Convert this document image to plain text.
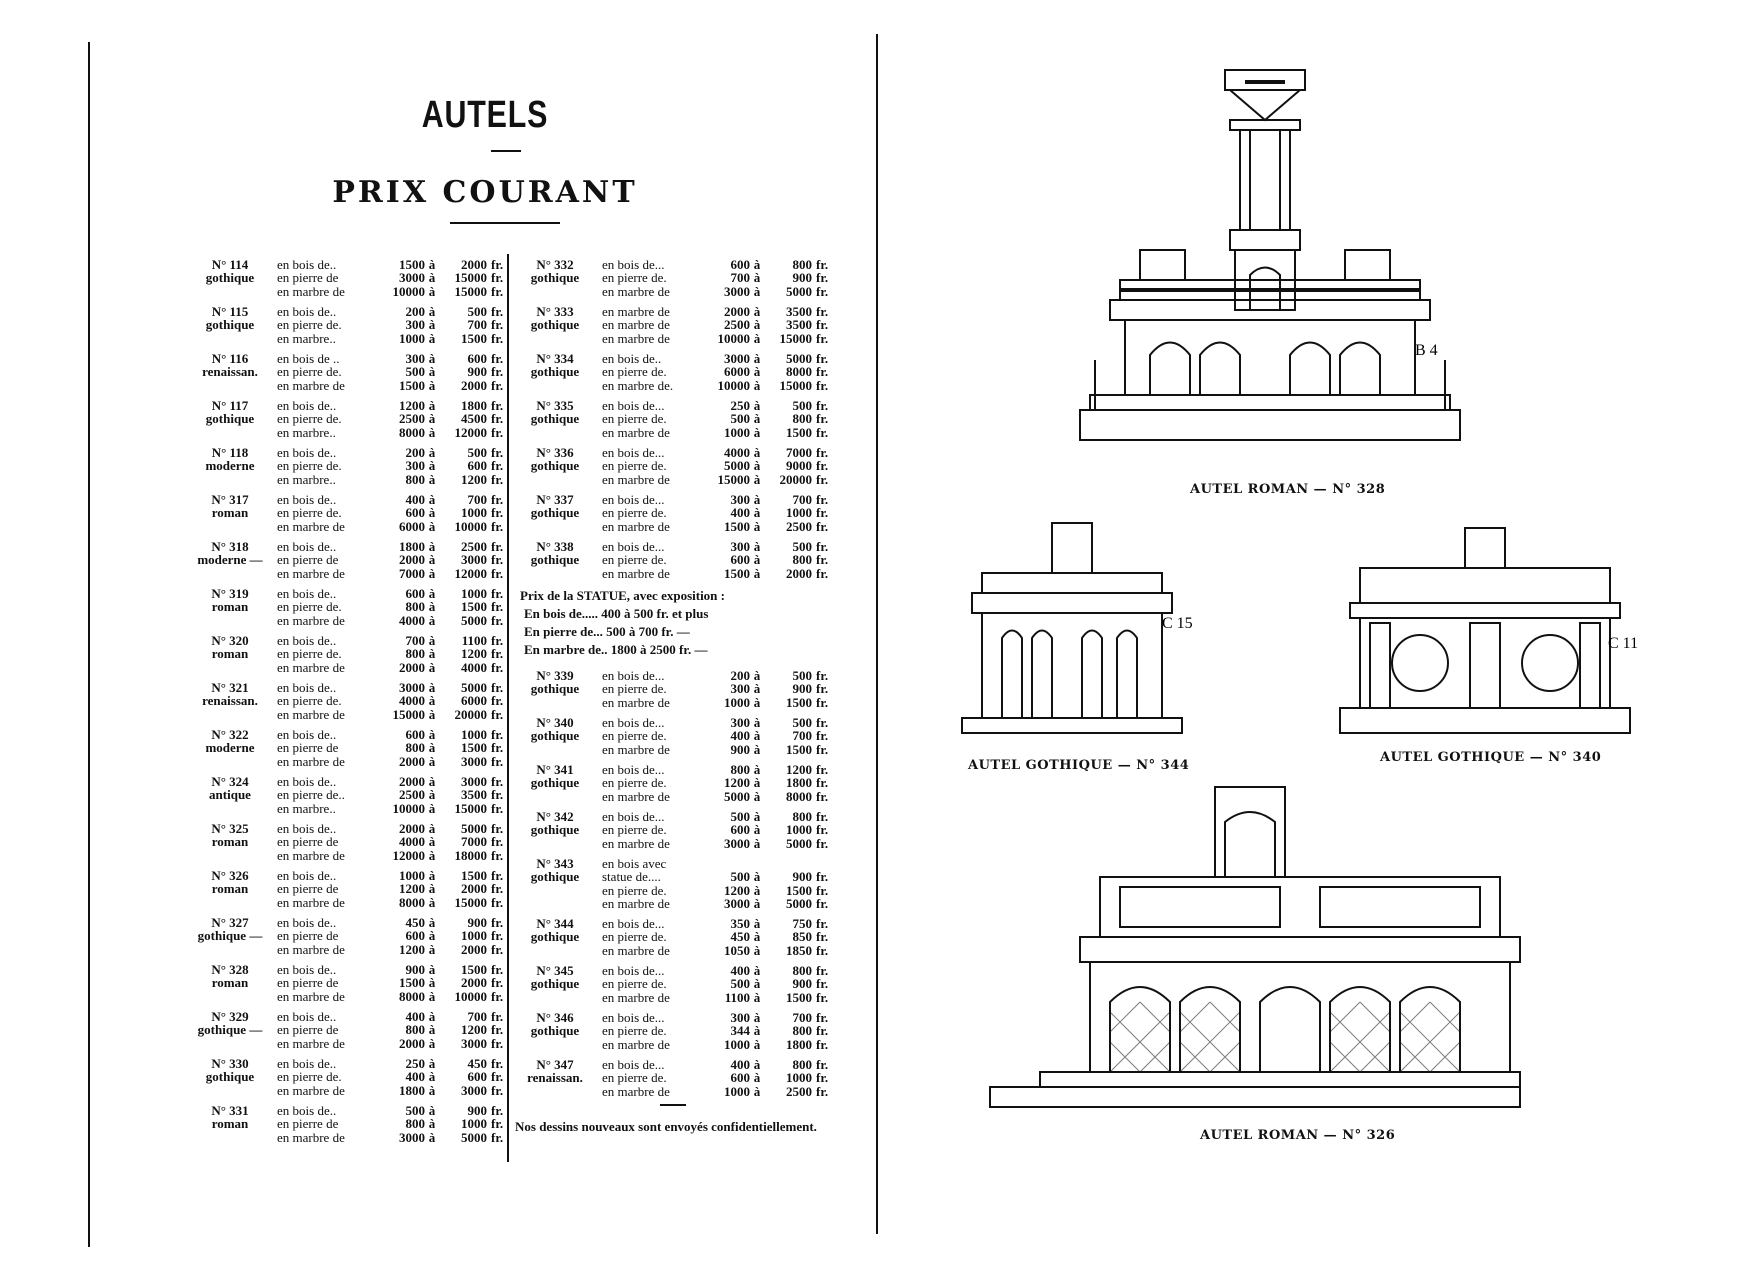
AUTELS
PRIX COURANT
N° 114
gothique
en bois de..	1500 à 2000 fr.
en pierre de	3000 à 15000 fr.
en marbre de	10000 à 15000 fr.
N° 115
gothique
en bois de..	200 à 500 fr.
en pierre de.	300 à 700 fr.
en marbre..	1000 à 1500 fr.
N° 116
renaissan.
en bois de ..	300 à 600 fr.
en pierre de.	500 à 900 fr.
en marbre de	1500 à 2000 fr.
N° 117
gothique
en bois de..	1200 à 1800 fr.
en pierre de.	2500 à 4500 fr.
en marbre..	8000 à 12000 fr.
N° 118
moderne
en bois de..	200 à 500 fr.
en pierre de.	300 à 600 fr.
en marbre..	800 à 1200 fr.
N° 317
roman
en bois de..	400 à 700 fr.
en pierre de.	600 à 1000 fr.
en marbre de	6000 à 10000 fr.
N° 318
moderne —
en bois de..	1800 à 2500 fr.
en pierre de	2000 à 3000 fr.
en marbre de	7000 à 12000 fr.
N° 319
roman
en bois de..	600 à 1000 fr.
en pierre de.	800 à 1500 fr.
en marbre de	4000 à 5000 fr.
N° 320
roman
en bois de..	700 à 1100 fr.
en pierre de.	800 à 1200 fr.
en marbre de	2000 à 4000 fr.
N° 321
renaissan.
en bois de..	3000 à 5000 fr.
en pierre de.	4000 à 6000 fr.
en marbre de	15000 à 20000 fr.
N° 322
moderne
en bois de..	600 à 1000 fr.
en pierre de	800 à 1500 fr.
en marbre de	2000 à 3000 fr.
N° 324
antique
en bois de..	2000 à 3000 fr.
en pierre de..	2500 à 3500 fr.
en marbre..	10000 à 15000 fr.
N° 325
roman
en bois de..	2000 à 5000 fr.
en pierre de	4000 à 7000 fr.
en marbre de	12000 à 18000 fr.
N° 326
roman
en bois de..	1000 à 1500 fr.
en pierre de	1200 à 2000 fr.
en marbre de	8000 à 15000 fr.
N° 327
gothique —
en bois de..	450 à 900 fr.
en pierre de	600 à 1000 fr.
en marbre de	1200 à 2000 fr.
N° 328
roman
en bois de..	900 à 1500 fr.
en pierre de	1500 à 2000 fr.
en marbre de	8000 à 10000 fr.
N° 329
gothique —
en bois de..	400 à 700 fr.
en pierre de	800 à 1200 fr.
en marbre de	2000 à 3000 fr.
N° 330
gothique
en bois de..	250 à 450 fr.
en pierre de.	400 à 600 fr.
en marbre de	1800 à 3000 fr.
N° 331
roman
en bois de..	500 à 900 fr.
en pierre de	800 à 1000 fr.
en marbre de	3000 à 5000 fr.
N° 332
gothique
en bois de...	600 à 800 fr.
en pierre de.	700 à 900 fr.
en marbre de	3000 à 5000 fr.
N° 333
gothique
en marbre de	2000 à 3500 fr.
en marbre de	2500 à 3500 fr.
en marbre de	10000 à 15000 fr.
N° 334
gothique
en bois de..	3000 à 5000 fr.
en pierre de.	6000 à 8000 fr.
en marbre de.	10000 à 15000 fr.
N° 335
gothique
en bois de...	250 à 500 fr.
en pierre de.	500 à 800 fr.
en marbre de	1000 à 1500 fr.
N° 336
gothique
en bois de...	4000 à 7000 fr.
en pierre de.	5000 à 9000 fr.
en marbre de	15000 à 20000 fr.
N° 337
gothique
en bois de...	300 à 700 fr.
en pierre de.	400 à 1000 fr.
en marbre de	1500 à 2500 fr.
N° 338
gothique
en bois de...	300 à 500 fr.
en pierre de.	600 à 800 fr.
en marbre de	1500 à 2000 fr.
Prix de la STATUE, avec exposition :
En bois de..... 400 à 500 fr. et plus
En pierre de... 500 à 700 fr. —
En marbre de.. 1800 à 2500 fr. —
N° 339
gothique
en bois de...	200 à 500 fr.
en pierre de.	300 à 900 fr.
en marbre de	1000 à 1500 fr.
N° 340
gothique
en bois de...	300 à 500 fr.
en pierre de.	400 à 700 fr.
en marbre de	900 à 1500 fr.
N° 341
gothique
en bois de...	800 à 1200 fr.
en pierre de.	1200 à 1800 fr.
en marbre de	5000 à 8000 fr.
N° 342
gothique
en bois de...	500 à 800 fr.
en pierre de.	600 à 1000 fr.
en marbre de	3000 à 5000 fr.
N° 343
gothique
en bois avec
statue de....	500 à 900 fr.
en pierre de.	1200 à 1500 fr.
en marbre de	3000 à 5000 fr.
N° 344
gothique
en bois de...	350 à 750 fr.
en pierre de.	450 à 850 fr.
en marbre de	1050 à 1850 fr.
N° 345
gothique
en bois de...	400 à 800 fr.
en pierre de.	500 à 900 fr.
en marbre de	1100 à 1500 fr.
N° 346
gothique
en bois de...	300 à 700 fr.
en pierre de.	344 à 800 fr.
en marbre de	1000 à 1800 fr.
N° 347
renaissan.
en bois de...	400 à 800 fr.
en pierre de.	600 à 1000 fr.
en marbre de	1000 à 2500 fr.
Nos dessins nouveaux sont envoyés confidentiellement.
B 4
AUTEL ROMAN — N° 328
C 15
AUTEL GOTHIQUE — N° 344
C 11
AUTEL GOTHIQUE — N° 340
AUTEL ROMAN — N° 326
